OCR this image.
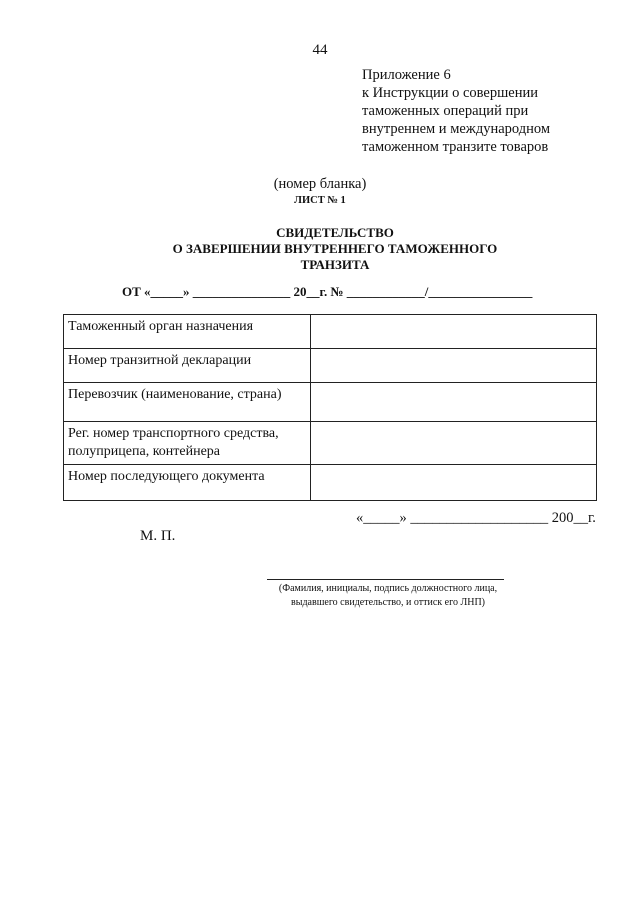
44
Приложение 6
к Инструкции о совершении
таможенных операций при
внутреннем и международном
таможенном транзите товаров
(номер бланка)
ЛИСТ № 1
СВИДЕТЕЛЬСТВО
О ЗАВЕРШЕНИИ ВНУТРЕННЕГО ТАМОЖЕННОГО
ТРАНЗИТА
ОТ «_____» _______________ 20__г. № ____________/________________
Таможенный орган назначения	
Номер транзитной декларации	
Перевозчик (наименование, страна)	
Рег. номер транспортного средства, полуприцепа, контейнера	
Номер последующего документа	
«_____» ___________________ 200__г.
М. П.
(Фамилия, инициалы, подпись должностного лица,
выдавшего свидетельство, и оттиск его ЛНП)
